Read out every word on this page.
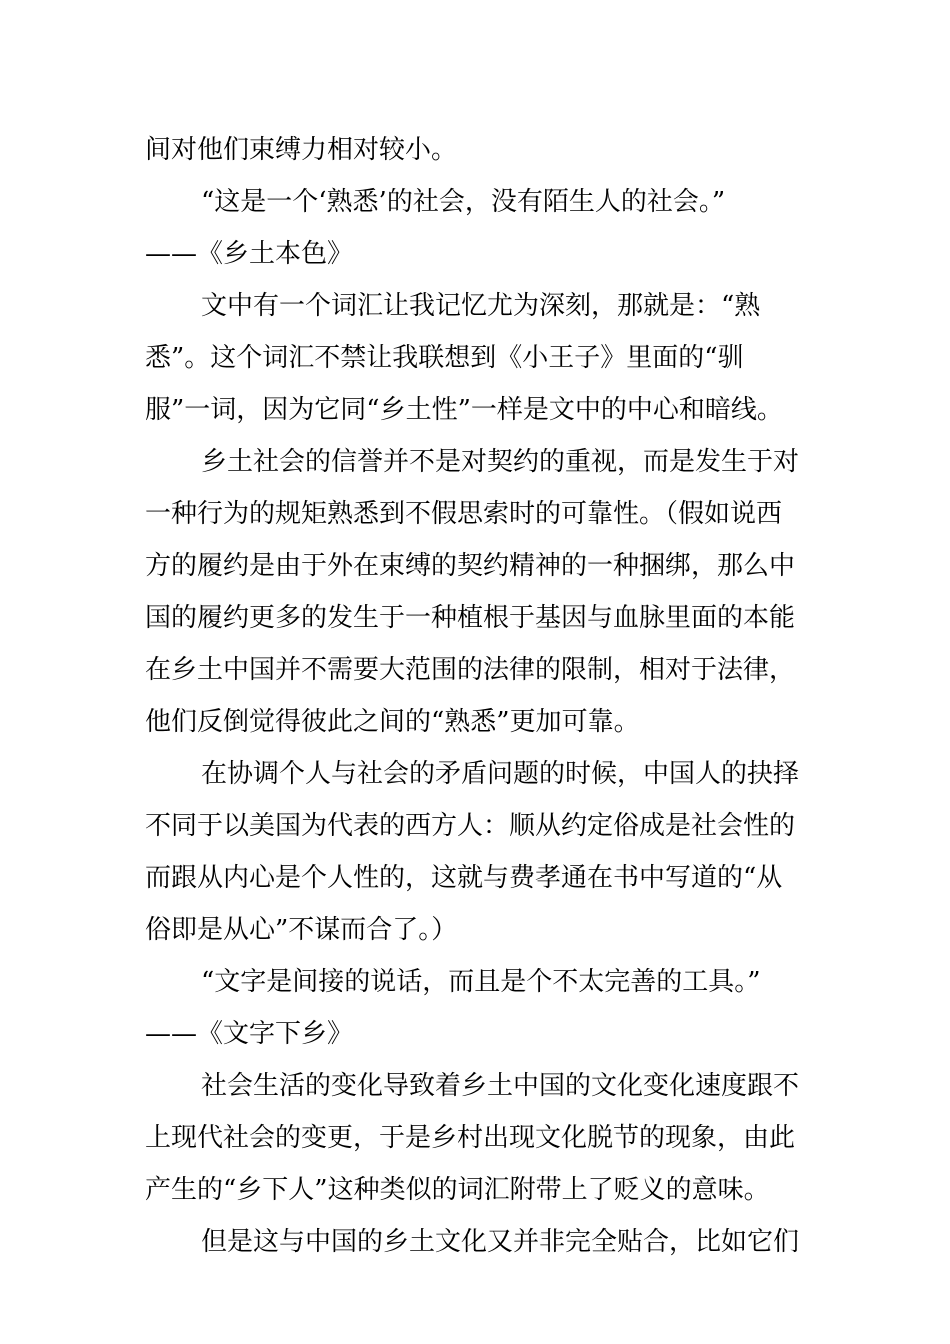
间对他们束缚力相对较小。
“这是一个‘熟悉’的社会，没有陌生人的社会。”
——《乡土本色》
文中有一个词汇让我记忆尤为深刻，那就是：“熟
悉”。这个词汇不禁让我联想到《小王子》里面的“驯
服”一词，因为它同“乡土性”一样是文中的中心和暗线。
乡土社会的信誉并不是对契约的重视，而是发生于对
一种行为的规矩熟悉到不假思索时的可靠性。（假如说西
方的履约是由于外在束缚的契约精神的一种捆绑，那么中
国的履约更多的发生于一种植根于基因与血脉里面的本能
在乡土中国并不需要大范围的法律的限制，相对于法律，
他们反倒觉得彼此之间的“熟悉”更加可靠。
在协调个人与社会的矛盾问题的时候，中国人的抉择
不同于以美国为代表的西方人：顺从约定俗成是社会性的
而跟从内心是个人性的，这就与费孝通在书中写道的“从
俗即是从心”不谋而合了。）
“文字是间接的说话，而且是个不太完善的工具。”
——《文字下乡》
社会生活的变化导致着乡土中国的文化变化速度跟不
上现代社会的变更，于是乡村出现文化脱节的现象，由此
产生的“乡下人”这种类似的词汇附带上了贬义的意味。
但是这与中国的乡土文化又并非完全贴合，比如它们
